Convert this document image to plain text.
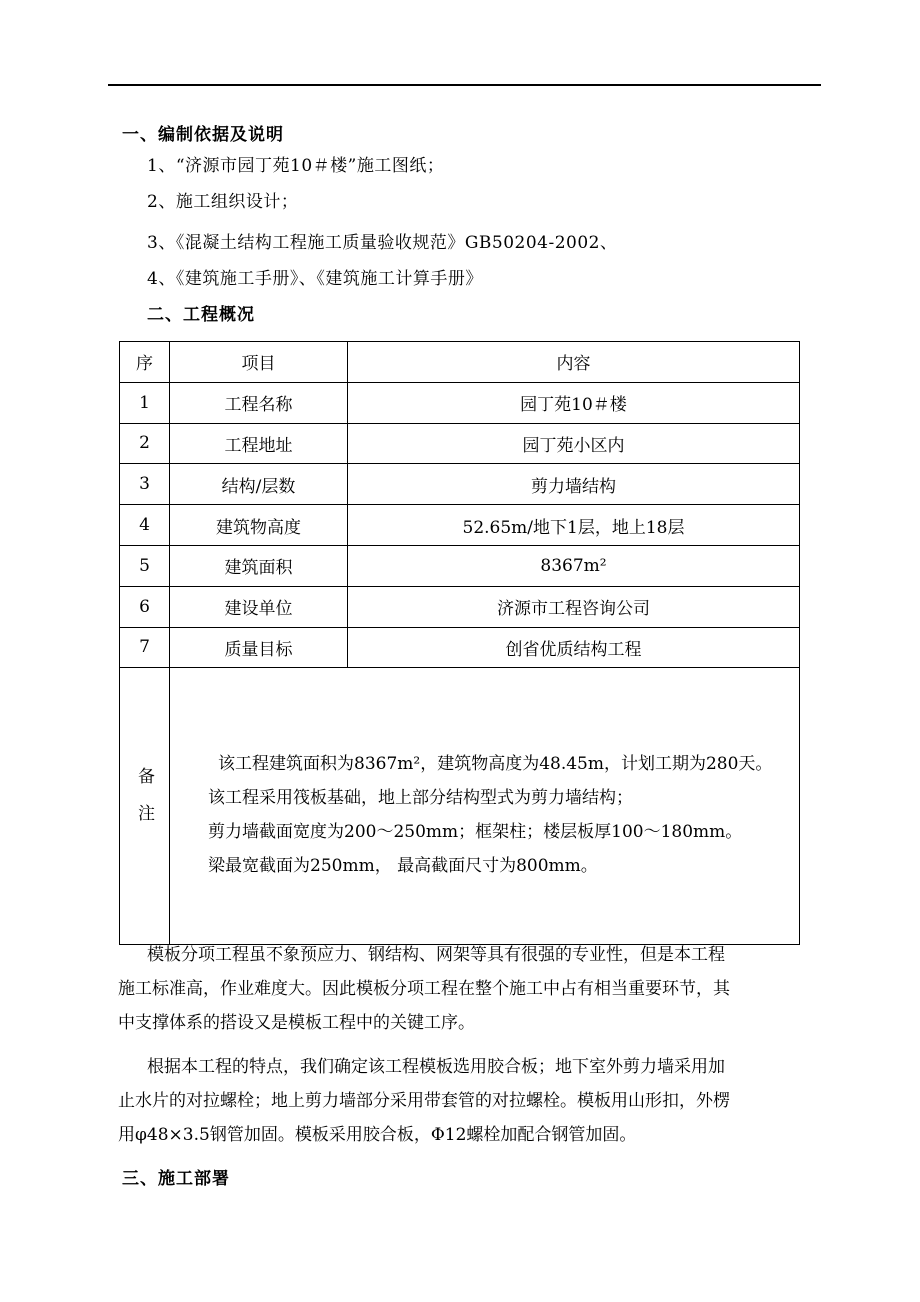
一、编制依据及说明
1、“济源市园丁苑10＃楼”施工图纸；
2、施工组织设计；
3、《混凝土结构工程施工质量验收规范》GB50204-2002、
4、《建筑施工手册》、《建筑施工计算手册》
二、工程概况
序	项目	内容
1	工程名称	园丁苑10＃楼
2	工程地址	园丁苑小区内
3	结构/层数	剪力墙结构
4	建筑物高度	52.65m/地下1层，地上18层
5	建筑面积	8367m²
6	建设单位	济源市工程咨询公司
7	质量目标	创省优质结构工程
备注	该工程建筑面积为8367m²，建筑物高度为48.45m，计划工期为280天。
该工程采用筏板基础，地上部分结构型式为剪力墙结构；
剪力墙截面宽度为200～250mm；框架柱；楼层板厚100～180mm。
梁最宽截面为250mm， 最高截面尺寸为800mm。	
模板分项工程虽不象预应力、钢结构、网架等具有很强的专业性，但是本工程
施工标准高，作业难度大。因此模板分项工程在整个施工中占有相当重要环节，其
中支撑体系的搭设又是模板工程中的关键工序。
根据本工程的特点，我们确定该工程模板选用胶合板；地下室外剪力墙采用加
止水片的对拉螺栓；地上剪力墙部分采用带套管的对拉螺栓。模板用山形扣，外楞
用φ48×3.5钢管加固。模板采用胶合板，Φ12螺栓加配合钢管加固。
三、施工部署
